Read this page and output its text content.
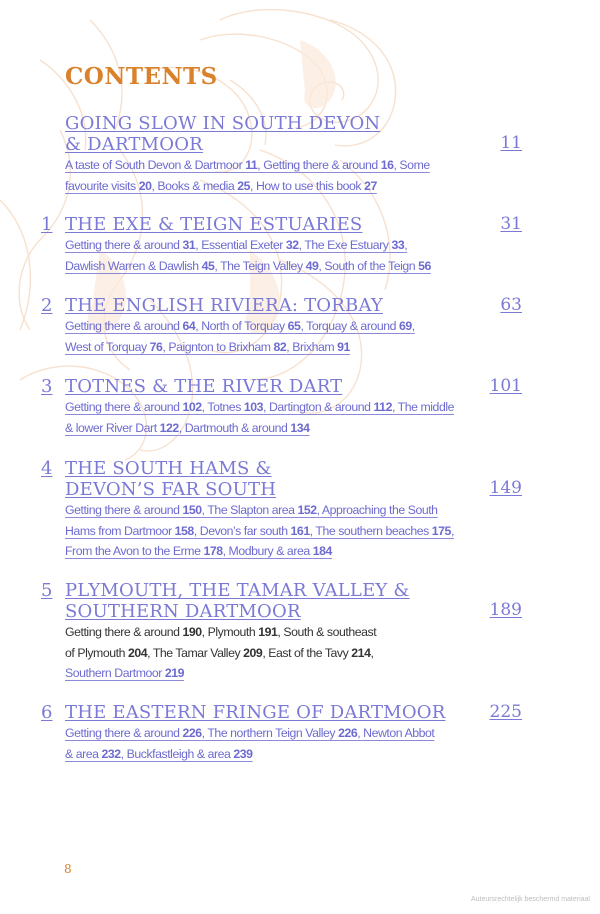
CONTENTS
GOING SLOW IN SOUTH DEVON
& DARTMOOR	11
A taste of South Devon & Dartmoor 11, Getting there & around 16, Some
favourite visits 20, Books & media 25, How to use this book 27
1 THE EXE & TEIGN ESTUARIES	31
Getting there & around 31, Essential Exeter 32, The Exe Estuary 33,
Dawlish Warren & Dawlish 45, The Teign Valley 49, South of the Teign 56
2 THE ENGLISH RIVIERA: TORBAY	63
Getting there & around 64, North of Torquay 65, Torquay & around 69,
West of Torquay 76, Paignton to Brixham 82, Brixham 91
3 TOTNES & THE RIVER DART	101
Getting there & around 102, Totnes 103, Dartington & around 112, The middle
& lower River Dart 122, Dartmouth & around 134
4 THE SOUTH HAMS &
DEVON’S FAR SOUTH	149
Getting there & around 150, The Slapton area 152, Approaching the South
Hams from Dartmoor 158, Devon’s far south 161, The southern beaches 175,
From the Avon to the Erme 178, Modbury & area 184
5 PLYMOUTH, THE TAMAR VALLEY &
SOUTHERN DARTMOOR	189
Getting there & around 190, Plymouth 191, South & southeast
of Plymouth 204, The Tamar Valley 209, East of the Tavy 214,
Southern Dartmoor 219
6 THE EASTERN FRINGE OF DARTMOOR	225
Getting there & around 226, The northern Teign Valley 226, Newton Abbot
& area 232, Buckfastleigh & area 239
8
Auteursrechtelijk beschermd materiaal
